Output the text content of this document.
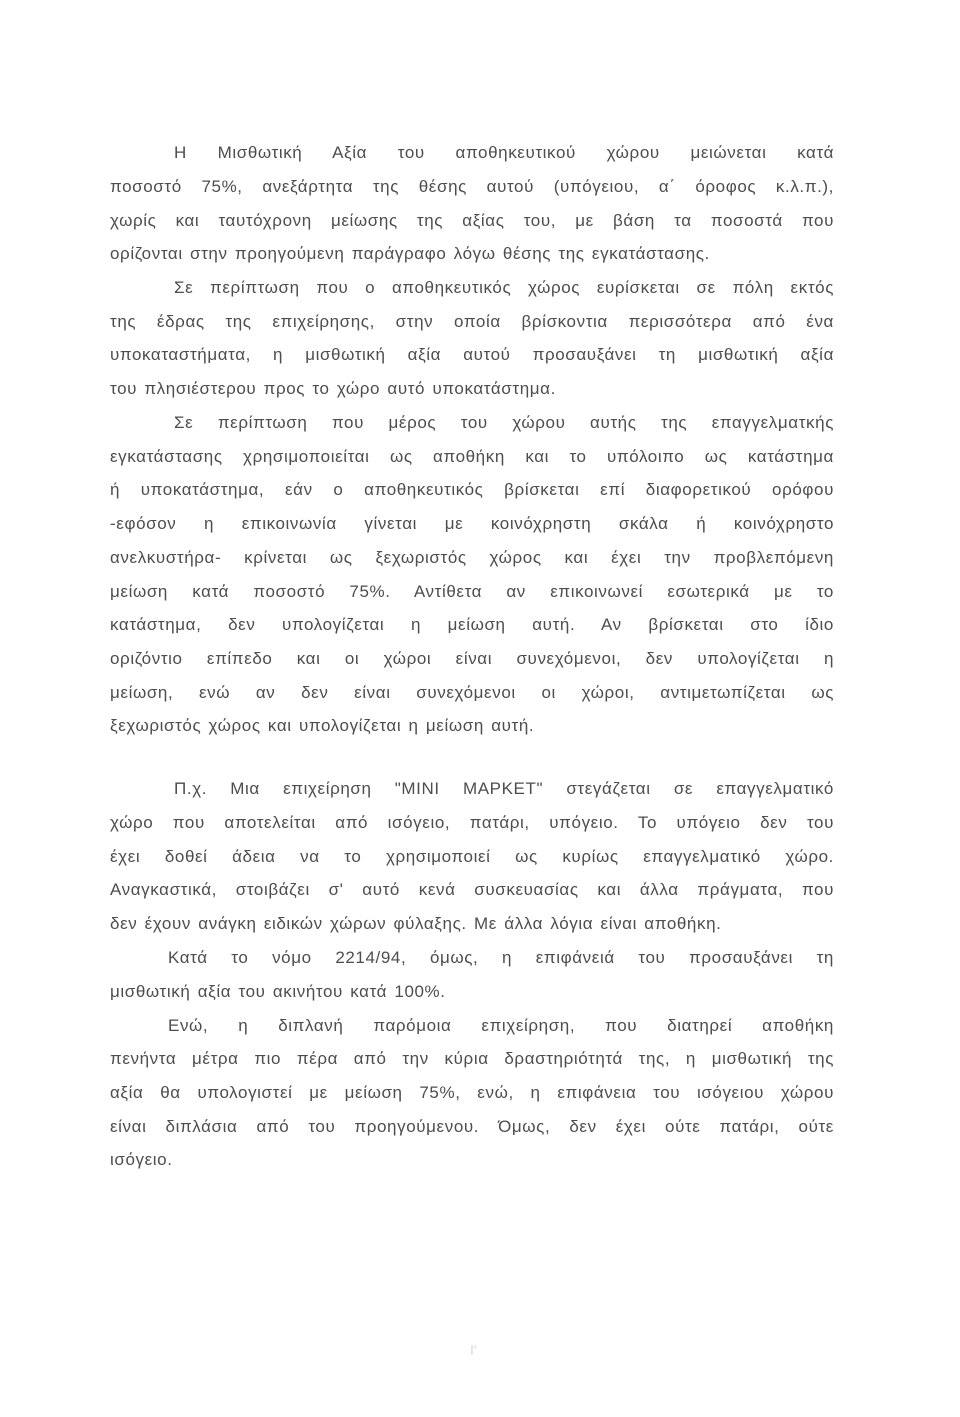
Η Μισθωτική Αξία του αποθηκευτικού χώρου μειώνεται κατά
ποσοστό 75%, ανεξάρτητα της θέσης αυτού (υπόγειου, α΄ όροφος κ.λ.π.),
χωρίς και ταυτόχρονη μείωσης της αξίας του, με βάση τα ποσοστά που
ορίζονται στην προηγούμενη παράγραφο λόγω θέσης της εγκατάστασης.
Σε περίπτωση που ο αποθηκευτικός χώρος ευρίσκεται σε πόλη εκτός
της έδρας της επιχείρησης, στην οποία βρίσκοντια περισσότερα από ένα
υποκαταστήματα, η μισθωτική αξία αυτού προσαυξάνει τη μισθωτική αξία
του πλησιέστερου προς το χώρο αυτό υποκατάστημα.
Σε περίπτωση που μέρος του χώρου αυτής της επαγγελματκής
εγκατάστασης χρησιμοποιείται ως αποθήκη και το υπόλοιπο ως κατάστημα
ή υποκατάστημα, εάν ο αποθηκευτικός βρίσκεται επί διαφορετικού ορόφου
-εφόσον η επικοινωνία γίνεται με κοινόχρηστη σκάλα ή κοινόχρηστο
ανελκυστήρα- κρίνεται ως ξεχωριστός χώρος και έχει την προβλεπόμενη
μείωση κατά ποσοστό 75%. Αντίθετα αν επικοινωνεί εσωτερικά με το
κατάστημα, δεν υπολογίζεται η μείωση αυτή. Αν βρίσκεται στο ίδιο
οριζόντιο επίπεδο και οι χώροι είναι συνεχόμενοι, δεν υπολογίζεται η
μείωση, ενώ αν δεν είναι συνεχόμενοι οι χώροι, αντιμετωπίζεται ως
ξεχωριστός χώρος και υπολογίζεται η μείωση αυτή.
Π.χ. Μια επιχείρηση "MINI MAPKET" στεγάζεται σε επαγγελματικό
χώρο που αποτελείται από ισόγειο, πατάρι, υπόγειο. Το υπόγειο δεν του
έχει δοθεί άδεια να το χρησιμοποιεί ως κυρίως επαγγελματικό χώρο.
Αναγκαστικά, στοιβάζει σ' αυτό κενά συσκευασίας και άλλα πράγματα, που
δεν έχουν ανάγκη ειδικών χώρων φύλαξης. Με άλλα λόγια είναι αποθήκη.
Κατά το νόμο 2214/94, όμως, η επιφάνειά του προσαυξάνει τη
μισθωτική αξία του ακινήτου κατά 100%.
Ενώ, η διπλανή παρόμοια επιχείρηση, που διατηρεί αποθήκη
πενήντα μέτρα πιο πέρα από την κύρια δραστηριότητά της, η μισθωτική της
αξία θα υπολογιστεί με μείωση 75%, ενώ, η επιφάνεια του ισόγειου χώρου
είναι διπλάσια από του προηγούμενου. Όμως, δεν έχει ούτε πατάρι, ούτε
ισόγειο.
I'
